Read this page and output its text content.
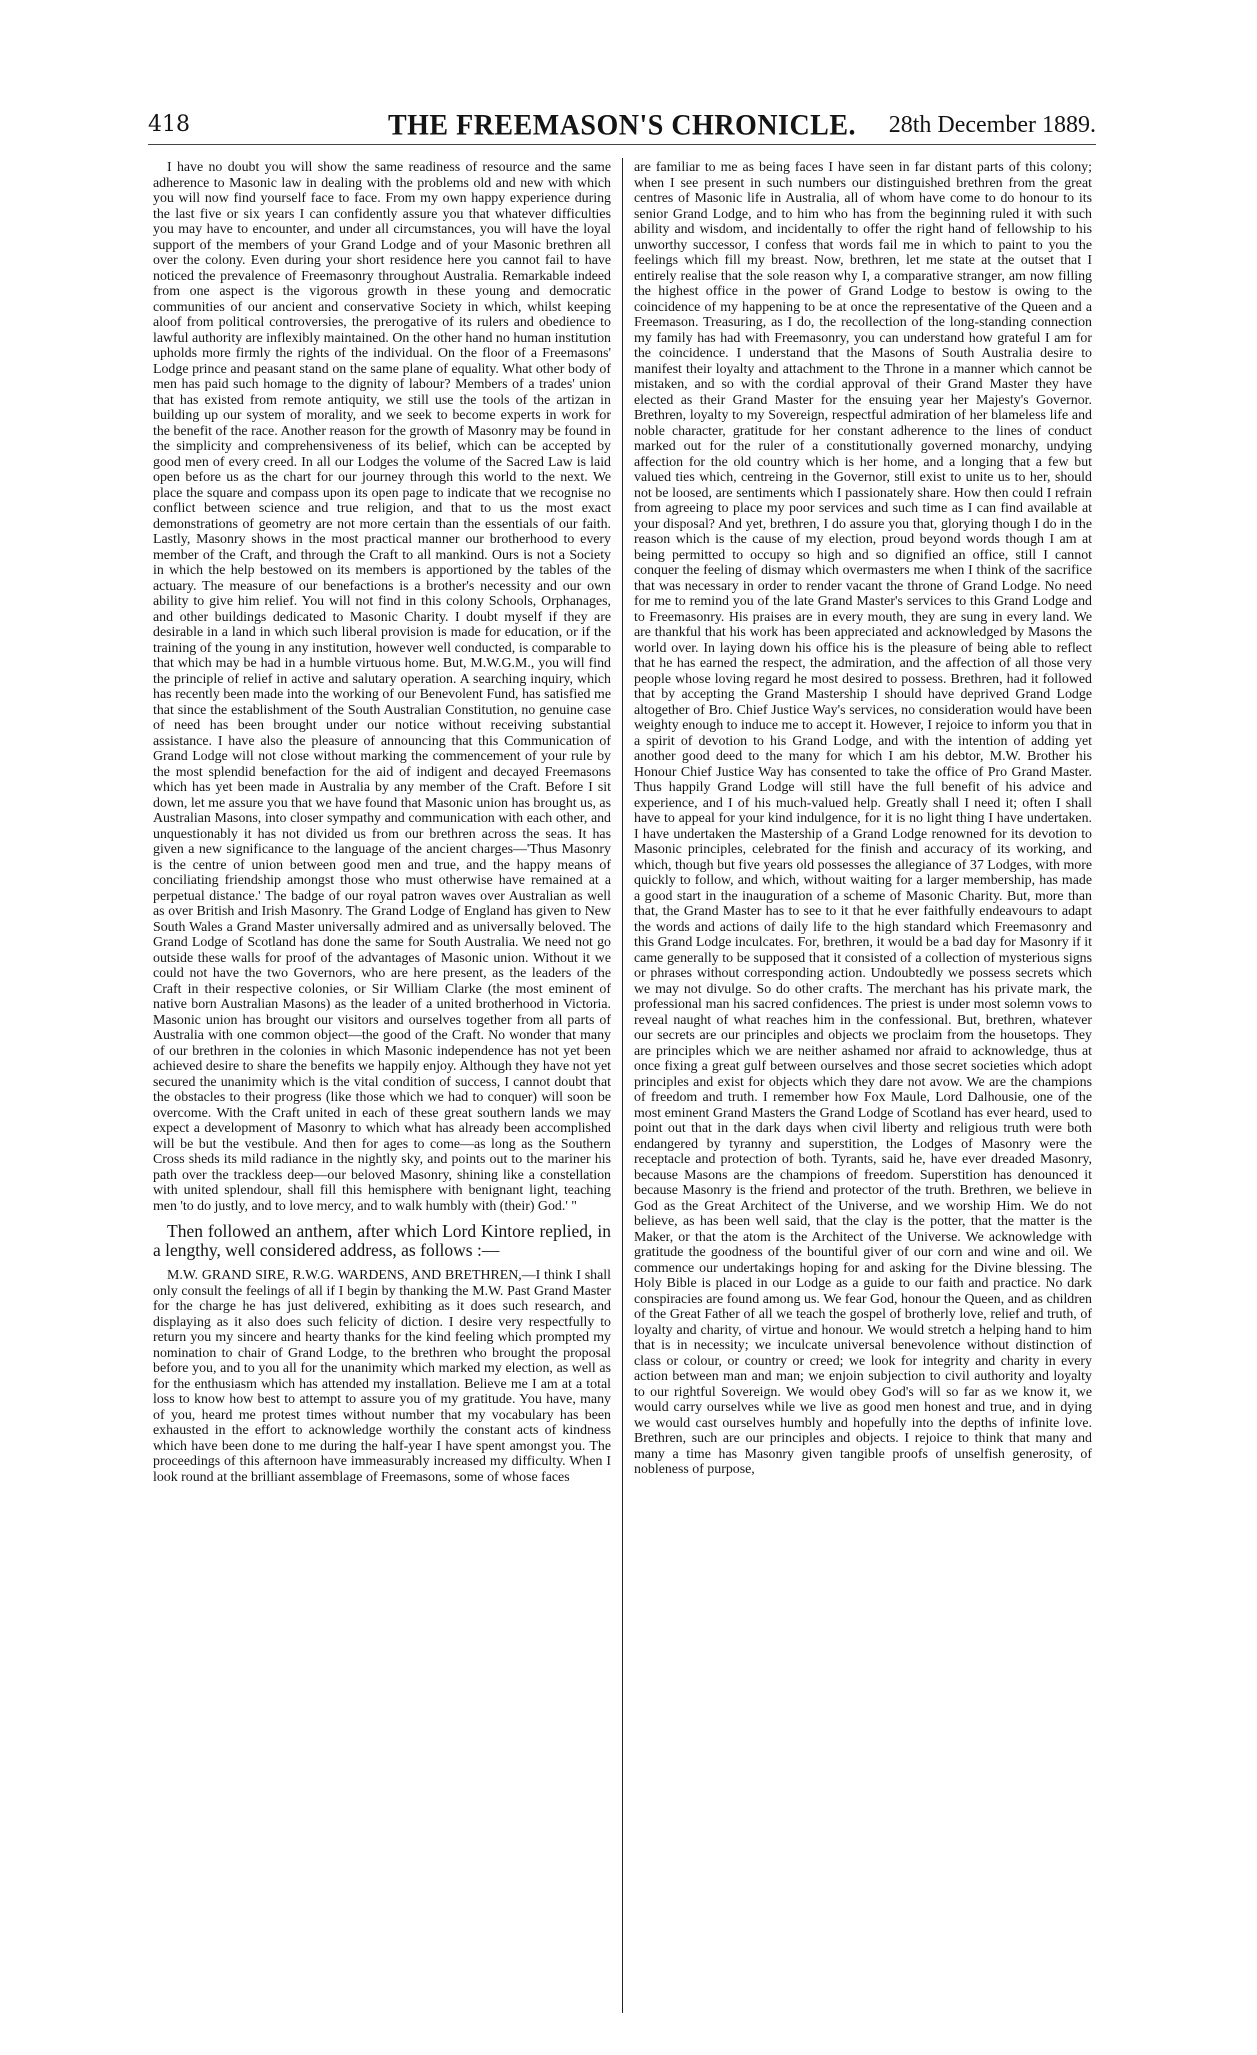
418	THE FREEMASON'S CHRONICLE.	28th December 1889.

I have no doubt you will show the same readiness of resource and the same adherence to Masonic law in dealing with the problems old and new with which you will now find yourself face to face. From my own happy experience during the last five or six years I can confidently assure you that whatever difficulties you may have to encounter, and under all circumstances, you will have the loyal support of the members of your Grand Lodge and of your Masonic brethren all over the colony. Even during your short residence here you cannot fail to have noticed the prevalence of Freemasonry throughout Australia. Remarkable indeed from one aspect is the vigorous growth in these young and democratic communities of our ancient and conservative Society in which, whilst keeping aloof from political controversies, the prerogative of its rulers and obedience to lawful authority are inflexibly maintained. On the other hand no human institution upholds more firmly the rights of the individual. On the floor of a Freemasons' Lodge prince and peasant stand on the same plane of equality. What other body of men has paid such homage to the dignity of labour? Members of a trades' union that has existed from remote antiquity, we still use the tools of the artizan in building up our system of morality, and we seek to become experts in work for the benefit of the race. Another reason for the growth of Masonry may be found in the simplicity and comprehensiveness of its belief, which can be accepted by good men of every creed. In all our Lodges the volume of the Sacred Law is laid open before us as the chart for our journey through this world to the next. We place the square and compass upon its open page to indicate that we recognise no conflict between science and true religion, and that to us the most exact demonstrations of geometry are not more certain than the essentials of our faith. Lastly, Masonry shows in the most practical manner our brotherhood to every member of the Craft, and through the Craft to all mankind. Ours is not a Society in which the help bestowed on its members is apportioned by the tables of the actuary. The measure of our benefactions is a brother's necessity and our own ability to give him relief. You will not find in this colony Schools, Orphanages, and other buildings dedicated to Masonic Charity. I doubt myself if they are desirable in a land in which such liberal provision is made for education, or if the training of the young in any institution, however well conducted, is comparable to that which may be had in a humble virtuous home. But, M.W.G.M., you will find the principle of relief in active and salutary operation. A searching inquiry, which has recently been made into the working of our Benevolent Fund, has satisfied me that since the establishment of the South Australian Constitution, no genuine case of need has been brought under our notice without receiving substantial assistance. I have also the pleasure of announcing that this Communication of Grand Lodge will not close without marking the commencement of your rule by the most splendid benefaction for the aid of indigent and decayed Freemasons which has yet been made in Australia by any member of the Craft. Before I sit down, let me assure you that we have found that Masonic union has brought us, as Australian Masons, into closer sympathy and communication with each other, and unquestionably it has not divided us from our brethren across the seas. It has given a new significance to the language of the ancient charges—'Thus Masonry is the centre of union between good men and true, and the happy means of conciliating friendship amongst those who must otherwise have remained at a perpetual distance.' The badge of our royal patron waves over Australian as well as over British and Irish Masonry. The Grand Lodge of England has given to New South Wales a Grand Master universally admired and as universally beloved. The Grand Lodge of Scotland has done the same for South Australia. We need not go outside these walls for proof of the advantages of Masonic union. Without it we could not have the two Governors, who are here present, as the leaders of the Craft in their respective colonies, or Sir William Clarke (the most eminent of native born Australian Masons) as the leader of a united brotherhood in Victoria. Masonic union has brought our visitors and ourselves together from all parts of Australia with one common object—the good of the Craft. No wonder that many of our brethren in the colonies in which Masonic independence has not yet been achieved desire to share the benefits we happily enjoy. Although they have not yet secured the unanimity which is the vital condition of success, I cannot doubt that the obstacles to their progress (like those which we had to conquer) will soon be overcome. With the Craft united in each of these great southern lands we may expect a development of Masonry to which what has already been accomplished will be but the vestibule. And then for ages to come—as long as the Southern Cross sheds its mild radiance in the nightly sky, and points out to the mariner his path over the trackless deep—our beloved Masonry, shining like a constellation with united splendour, shall fill this hemisphere with benignant light, teaching men 'to do justly, and to love mercy, and to walk humbly with (their) God.' "

Then followed an anthem, after which Lord Kintore replied, in a lengthy, well considered address, as follows :—

M.W. GRAND SIRE, R.W.G. WARDENS, AND BRETHREN,—I think I shall only consult the feelings of all if I begin by thanking the M.W. Past Grand Master for the charge he has just delivered, exhibiting as it does such research, and displaying as it also does such felicity of diction. I desire very respectfully to return you my sincere and hearty thanks for the kind feeling which prompted my nomination to chair of Grand Lodge, to the brethren who brought the proposal before you, and to you all for the unanimity which marked my election, as well as for the enthusiasm which has attended my installation. Believe me I am at a total loss to know how best to attempt to assure you of my gratitude. You have, many of you, heard me protest times without number that my vocabulary has been exhausted in the effort to acknowledge worthily the constant acts of kindness which have been done to me during the half-year I have spent amongst you. The proceedings of this afternoon have immeasurably increased my difficulty. When I look round at the brilliant assemblage of Freemasons, some of whose faces

are familiar to me as being faces I have seen in far distant parts of this colony; when I see present in such numbers our distinguished brethren from the great centres of Masonic life in Australia, all of whom have come to do honour to its senior Grand Lodge, and to him who has from the beginning ruled it with such ability and wisdom, and incidentally to offer the right hand of fellowship to his unworthy successor, I confess that words fail me in which to paint to you the feelings which fill my breast. Now, brethren, let me state at the outset that I entirely realise that the sole reason why I, a comparative stranger, am now filling the highest office in the power of Grand Lodge to bestow is owing to the coincidence of my happening to be at once the representative of the Queen and a Freemason. Treasuring, as I do, the recollection of the long-standing connection my family has had with Freemasonry, you can understand how grateful I am for the coincidence. I understand that the Masons of South Australia desire to manifest their loyalty and attachment to the Throne in a manner which cannot be mistaken, and so with the cordial approval of their Grand Master they have elected as their Grand Master for the ensuing year her Majesty's Governor. Brethren, loyalty to my Sovereign, respectful admiration of her blameless life and noble character, gratitude for her constant adherence to the lines of conduct marked out for the ruler of a constitutionally governed monarchy, undying affection for the old country which is her home, and a longing that a few but valued ties which, centreing in the Governor, still exist to unite us to her, should not be loosed, are sentiments which I passionately share. How then could I refrain from agreeing to place my poor services and such time as I can find available at your disposal? And yet, brethren, I do assure you that, glorying though I do in the reason which is the cause of my election, proud beyond words though I am at being permitted to occupy so high and so dignified an office, still I cannot conquer the feeling of dismay which overmasters me when I think of the sacrifice that was necessary in order to render vacant the throne of Grand Lodge. No need for me to remind you of the late Grand Master's services to this Grand Lodge and to Freemasonry. His praises are in every mouth, they are sung in every land. We are thankful that his work has been appreciated and acknowledged by Masons the world over. In laying down his office his is the pleasure of being able to reflect that he has earned the respect, the admiration, and the affection of all those very people whose loving regard he most desired to possess. Brethren, had it followed that by accepting the Grand Mastership I should have deprived Grand Lodge altogether of Bro. Chief Justice Way's services, no consideration would have been weighty enough to induce me to accept it. However, I rejoice to inform you that in a spirit of devotion to his Grand Lodge, and with the intention of adding yet another good deed to the many for which I am his debtor, M.W. Brother his Honour Chief Justice Way has consented to take the office of Pro Grand Master. Thus happily Grand Lodge will still have the full benefit of his advice and experience, and I of his much-valued help. Greatly shall I need it; often I shall have to appeal for your kind indulgence, for it is no light thing I have undertaken. I have undertaken the Mastership of a Grand Lodge renowned for its devotion to Masonic principles, celebrated for the finish and accuracy of its working, and which, though but five years old possesses the allegiance of 37 Lodges, with more quickly to follow, and which, without waiting for a larger membership, has made a good start in the inauguration of a scheme of Masonic Charity. But, more than that, the Grand Master has to see to it that he ever faithfully endeavours to adapt the words and actions of daily life to the high standard which Freemasonry and this Grand Lodge inculcates. For, brethren, it would be a bad day for Masonry if it came generally to be supposed that it consisted of a collection of mysterious signs or phrases without corresponding action. Undoubtedly we possess secrets which we may not divulge. So do other crafts. The merchant has his private mark, the professional man his sacred confidences. The priest is under most solemn vows to reveal naught of what reaches him in the confessional. But, brethren, whatever our secrets are our principles and objects we proclaim from the housetops. They are principles which we are neither ashamed nor afraid to acknowledge, thus at once fixing a great gulf between ourselves and those secret societies which adopt principles and exist for objects which they dare not avow. We are the champions of freedom and truth. I remember how Fox Maule, Lord Dalhousie, one of the most eminent Grand Masters the Grand Lodge of Scotland has ever heard, used to point out that in the dark days when civil liberty and religious truth were both endangered by tyranny and superstition, the Lodges of Masonry were the receptacle and protection of both. Tyrants, said he, have ever dreaded Masonry, because Masons are the champions of freedom. Superstition has denounced it because Masonry is the friend and protector of the truth. Brethren, we believe in God as the Great Architect of the Universe, and we worship Him. We do not believe, as has been well said, that the clay is the potter, that the matter is the Maker, or that the atom is the Architect of the Universe. We acknowledge with gratitude the goodness of the bountiful giver of our corn and wine and oil. We commence our undertakings hoping for and asking for the Divine blessing. The Holy Bible is placed in our Lodge as a guide to our faith and practice. No dark conspiracies are found among us. We fear God, honour the Queen, and as children of the Great Father of all we teach the gospel of brotherly love, relief and truth, of loyalty and charity, of virtue and honour. We would stretch a helping hand to him that is in necessity; we inculcate universal benevolence without distinction of class or colour, or country or creed; we look for integrity and charity in every action between man and man; we enjoin subjection to civil authority and loyalty to our rightful Sovereign. We would obey God's will so far as we know it, we would carry ourselves while we live as good men honest and true, and in dying we would cast ourselves humbly and hopefully into the depths of infinite love. Brethren, such are our principles and objects. I rejoice to think that many and many a time has Masonry given tangible proofs of unselfish generosity, of nobleness of purpose,
